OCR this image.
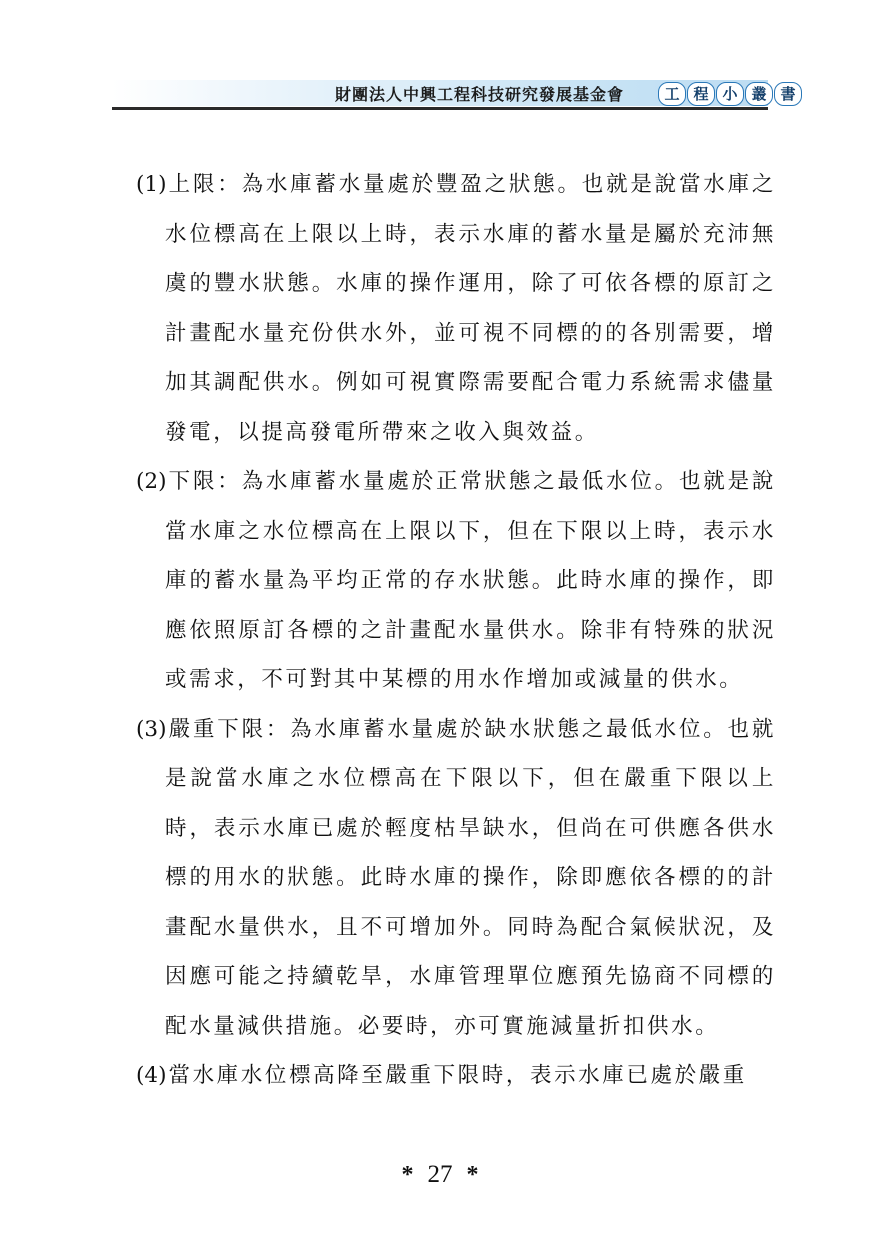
財團法人中興工程科技研究發展基金會	工 程 小 叢 書

(1)上限：為水庫蓄水量處於豐盈之狀態。也就是說當水庫之水位標高在上限以上時，表示水庫的蓄水量是屬於充沛無虞的豐水狀態。水庫的操作運用，除了可依各標的原訂之計畫配水量充份供水外，並可視不同標的的各別需要，增加其調配供水。例如可視實際需要配合電力系統需求儘量發電，以提高發電所帶來之收入與效益。

(2)下限：為水庫蓄水量處於正常狀態之最低水位。也就是說當水庫之水位標高在上限以下，但在下限以上時，表示水庫的蓄水量為平均正常的存水狀態。此時水庫的操作，即應依照原訂各標的之計畫配水量供水。除非有特殊的狀況或需求，不可對其中某標的用水作增加或減量的供水。

(3)嚴重下限：為水庫蓄水量處於缺水狀態之最低水位。也就是說當水庫之水位標高在下限以下，但在嚴重下限以上時，表示水庫已處於輕度枯旱缺水，但尚在可供應各供水標的用水的狀態。此時水庫的操作，除即應依各標的的計畫配水量供水，且不可增加外。同時為配合氣候狀況，及因應可能之持續乾旱，水庫管理單位應預先協商不同標的配水量減供措施。必要時，亦可實施減量折扣供水。

(4)當水庫水位標高降至嚴重下限時，表示水庫已處於嚴重

* 27 *
